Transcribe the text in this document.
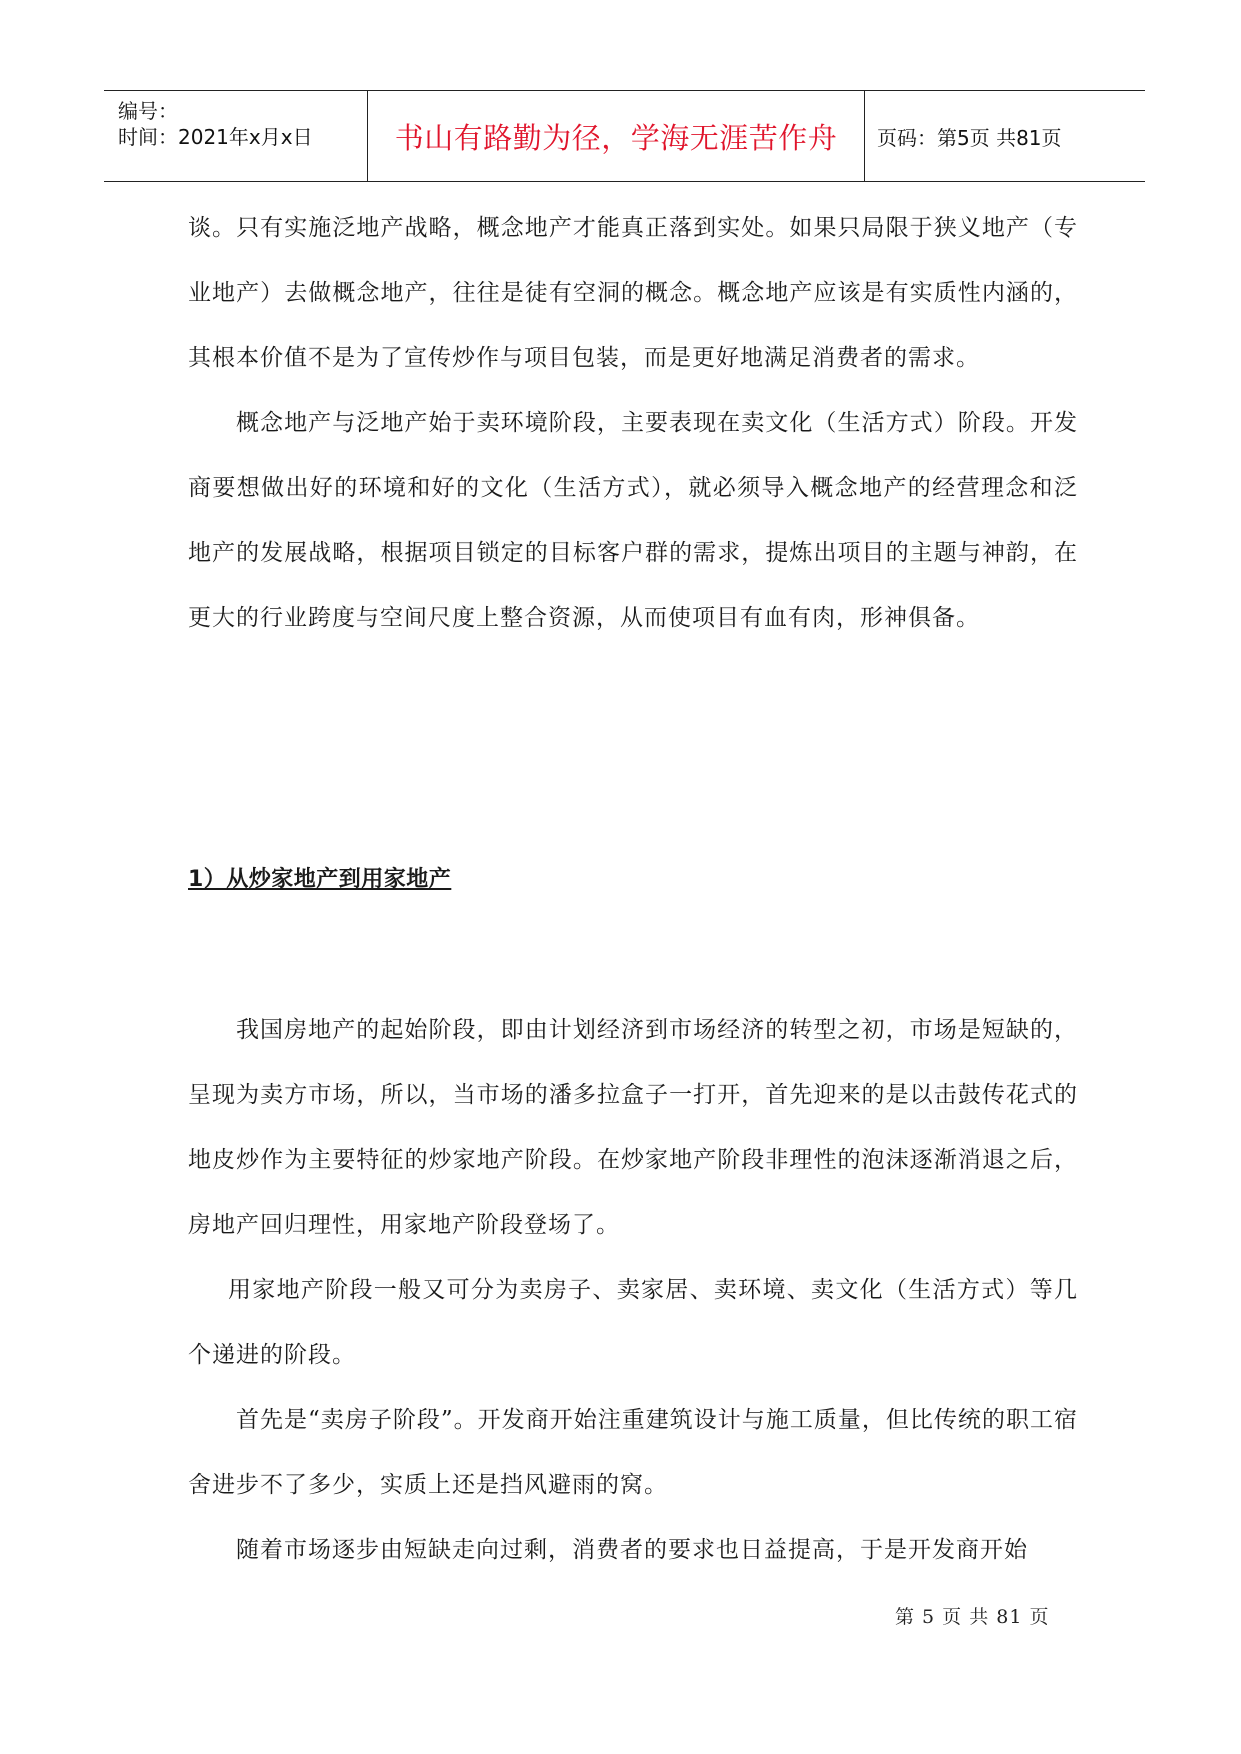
编号：
时间：2021年x月x日	书山有路勤为径，学海无涯苦作舟 页码：第5页 共81页

谈。只有实施泛地产战略，概念地产才能真正落到实处。如果只局限于狭义地产（专业地产）去做概念地产，往往是徒有空洞的概念。概念地产应该是有实质性内涵的，其根本价值不是为了宣传炒作与项目包装，而是更好地满足消费者的需求。

概念地产与泛地产始于卖环境阶段，主要表现在卖文化（生活方式）阶段。开发商要想做出好的环境和好的文化（生活方式），就必须导入概念地产的经营理念和泛地产的发展战略，根据项目锁定的目标客户群的需求，提炼出项目的主题与神韵，在更大的行业跨度与空间尺度上整合资源，从而使项目有血有肉，形神俱备。

1）从炒家地产到用家地产

我国房地产的起始阶段，即由计划经济到市场经济的转型之初，市场是短缺的，呈现为卖方市场，所以，当市场的潘多拉盒子一打开，首先迎来的是以击鼓传花式的地皮炒作为主要特征的炒家地产阶段。在炒家地产阶段非理性的泡沫逐渐消退之后，房地产回归理性，用家地产阶段登场了。

用家地产阶段一般又可分为卖房子、卖家居、卖环境、卖文化（生活方式）等几个递进的阶段。

首先是“卖房子阶段”。开发商开始注重建筑设计与施工质量，但比传统的职工宿舍进步不了多少，实质上还是挡风避雨的窝。

随着市场逐步由短缺走向过剩，消费者的要求也日益提高，于是开发商开始

第 5 页 共 81 页
